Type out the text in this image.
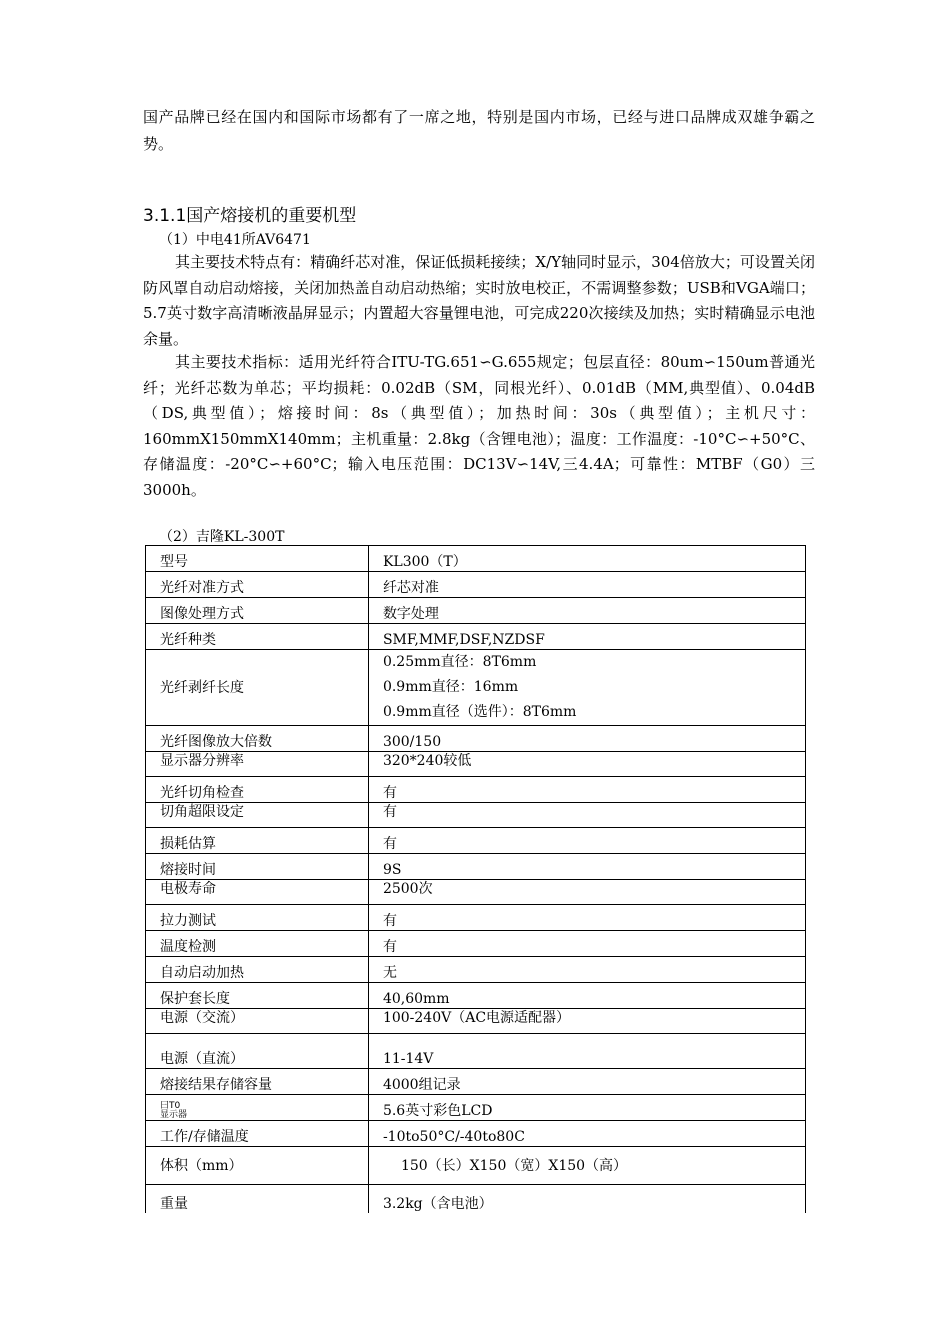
国产品牌已经在国内和国际市场都有了一席之地，特别是国内市场，已经与进口品牌成双雄争霸之势。

3.1.1国产熔接机的重要机型

（1）中电41所AV6471

其主要技术特点有：精确纤芯对准，保证低损耗接续；X/Y轴同时显示，304倍放大；可设置关闭防风罩自动启动熔接，关闭加热盖自动启动热缩；实时放电校正，不需调整参数；USB和VGA端口；5.7英寸数字高清晰液晶屏显示；内置超大容量锂电池，可完成220次接续及加热；实时精确显示电池余量。

其主要技术指标：适用光纤符合ITU-TG.651∽G.655规定；包层直径：80um∽150um普通光纤；光纤芯数为单芯；平均损耗：0.02dB（SM，同根光纤）、0.01dB（MM,典型值）、0.04dB（DS,典型值）；熔接时间：8s（典型值）；加热时间：30s（典型值）；主机尺寸：160mmX150mmX140mm；主机重量：2.8kg（含锂电池）；温度：工作温度：-10°C∽+50°C、存储温度：-20°C∽+60°C；输入电压范围：DC13V∽14V,三4.4A；可靠性：MTBF（G0）三3000h。

（2）吉隆KL-300T

型号	KL300（T）
光纤对准方式	纤芯对准
图像处理方式	数字处理
光纤种类	SMF,MMF,DSF,NZDSF
光纤剥纤长度	0.25mm直径：8T6mm
0.9mm直径：16mm
0.9mm直径（选件）：8T6mm

光纤图像放大倍数	300/150
显示器分辨率	320*240较低
光纤切角检查	有
切角超限设定	有
损耗估算	有
熔接时间	9S
电极寿命	2500次
拉力测试	有
温度检测	有
自动启动加热	无
保护套长度	40,60mm
电源（交流）	100-240V（AC电源适配器）
电源（直流）	11-14V
熔接结果存储容量	4000组记录

曰T0
显示器	5.6英寸彩色LCD
工作/存储温度	-10to50°C/-40to80C
体积（mm）	150（长）X150（宽）X150（高）
重量	3.2kg（含电池）
